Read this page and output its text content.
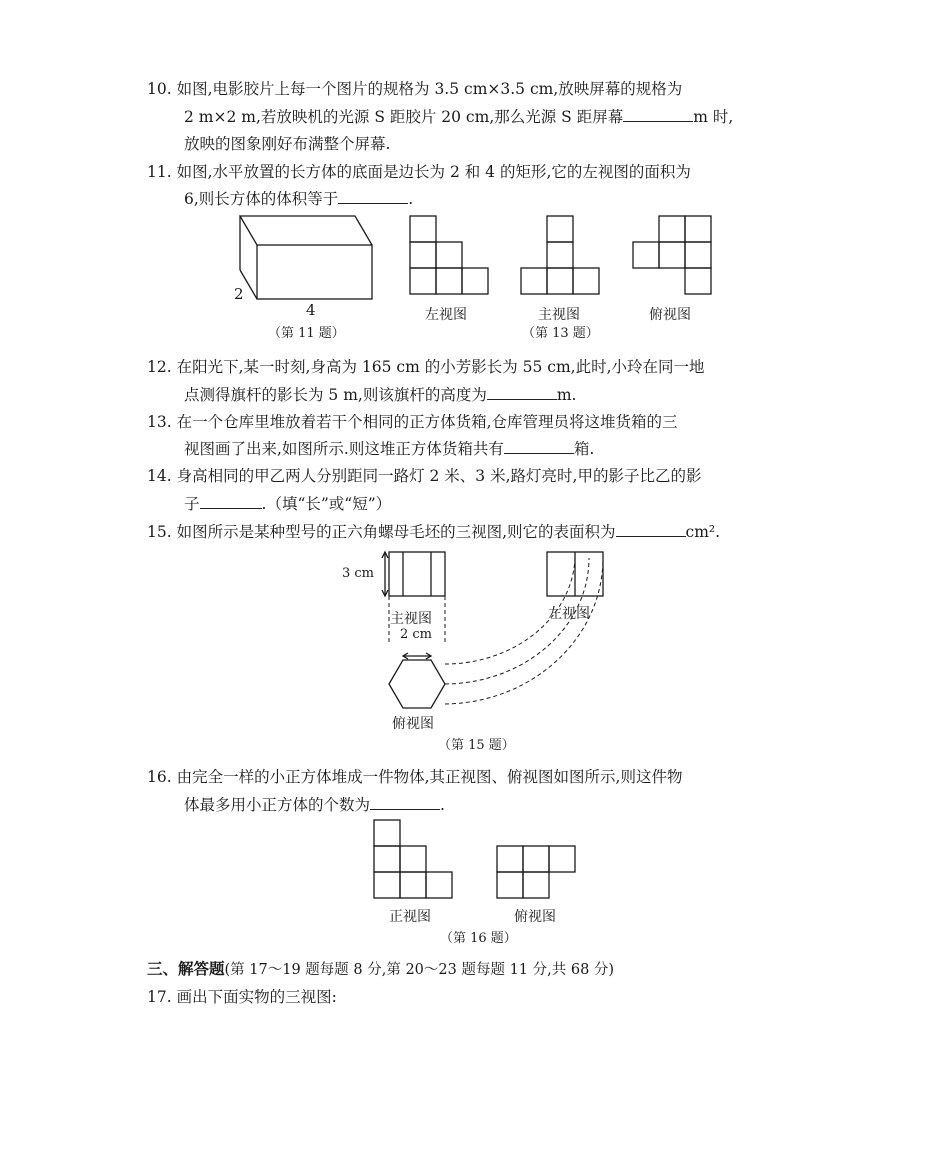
10. 如图,电影胶片上每一个图片的规格为 3.5 cm×3.5 cm,放映屏幕的规格为
2 m×2 m,若放映机的光源 S 距胶片 20 cm,那么光源 S 距屏幕	m 时,
放映的图象刚好布满整个屏幕.
11. 如图,水平放置的长方体的底面是边长为 2 和 4 的矩形,它的左视图的面积为
6,则长方体的体积等于	.
2
4
（第 11 题）
左视图	主视图	俯视图
（第 13 题）
12. 在阳光下,某一时刻,身高为 165 cm 的小芳影长为 55 cm,此时,小玲在同一地
点测得旗杆的影长为 5 m,则该旗杆的高度为	m.
13. 在一个仓库里堆放着若干个相同的正方体货箱,仓库管理员将这堆货箱的三
视图画了出来,如图所示.则这堆正方体货箱共有	箱.
14. 身高相同的甲乙两人分别距同一路灯 2 米、3 米,路灯亮时,甲的影子比乙的影
子	.（填“长”或“短”）
15. 如图所示是某种型号的正六角螺母毛坯的三视图,则它的表面积为	cm².
3 cm
主视图
2 cm
左视图
俯视图
（第 15 题）
16. 由完全一样的小正方体堆成一件物体,其正视图、俯视图如图所示,则这件物
体最多用小正方体的个数为	.
正视图	俯视图
（第 16 题）
三、解答题(第 17～19 题每题 8 分,第 20～23 题每题 11 分,共 68 分)
17. 画出下面实物的三视图:
